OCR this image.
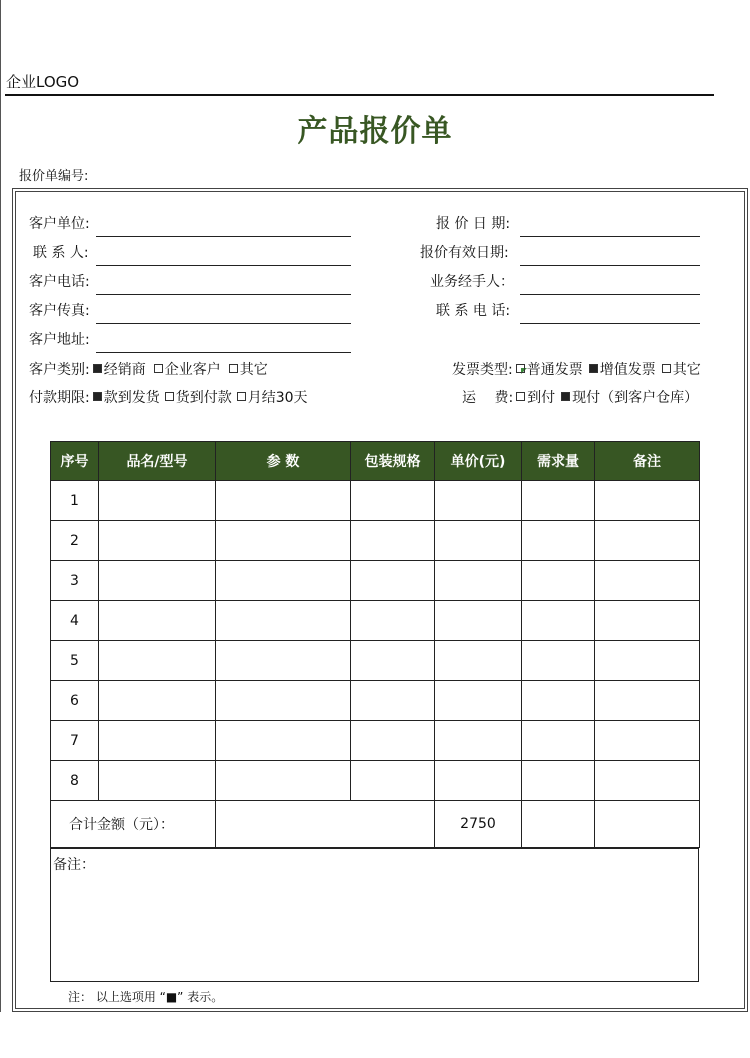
企业LOGO
产品报价单
报价单编号:
客户单位:
联 系 人:
客户电话:
客户传真:
客户地址:
报 价 日 期:
报价有效日期:
业务经手人：
联 系 电 话:
客户类别: 经销商 企业客户 其它
付款期限: 款到发货 货到付款 月结30天
发票类型: 普通发票 增值发票 其它
运　 费: 到付 现付（到客户仓库）
序号	品名/型号	参 数	包装规格	单价(元)	需求量	备注
1						
2						
3						
4						
5						
6						
7						
8						
合计金额（元）：				2750		
备注：
注： 以上选项用 “■” 表示。
